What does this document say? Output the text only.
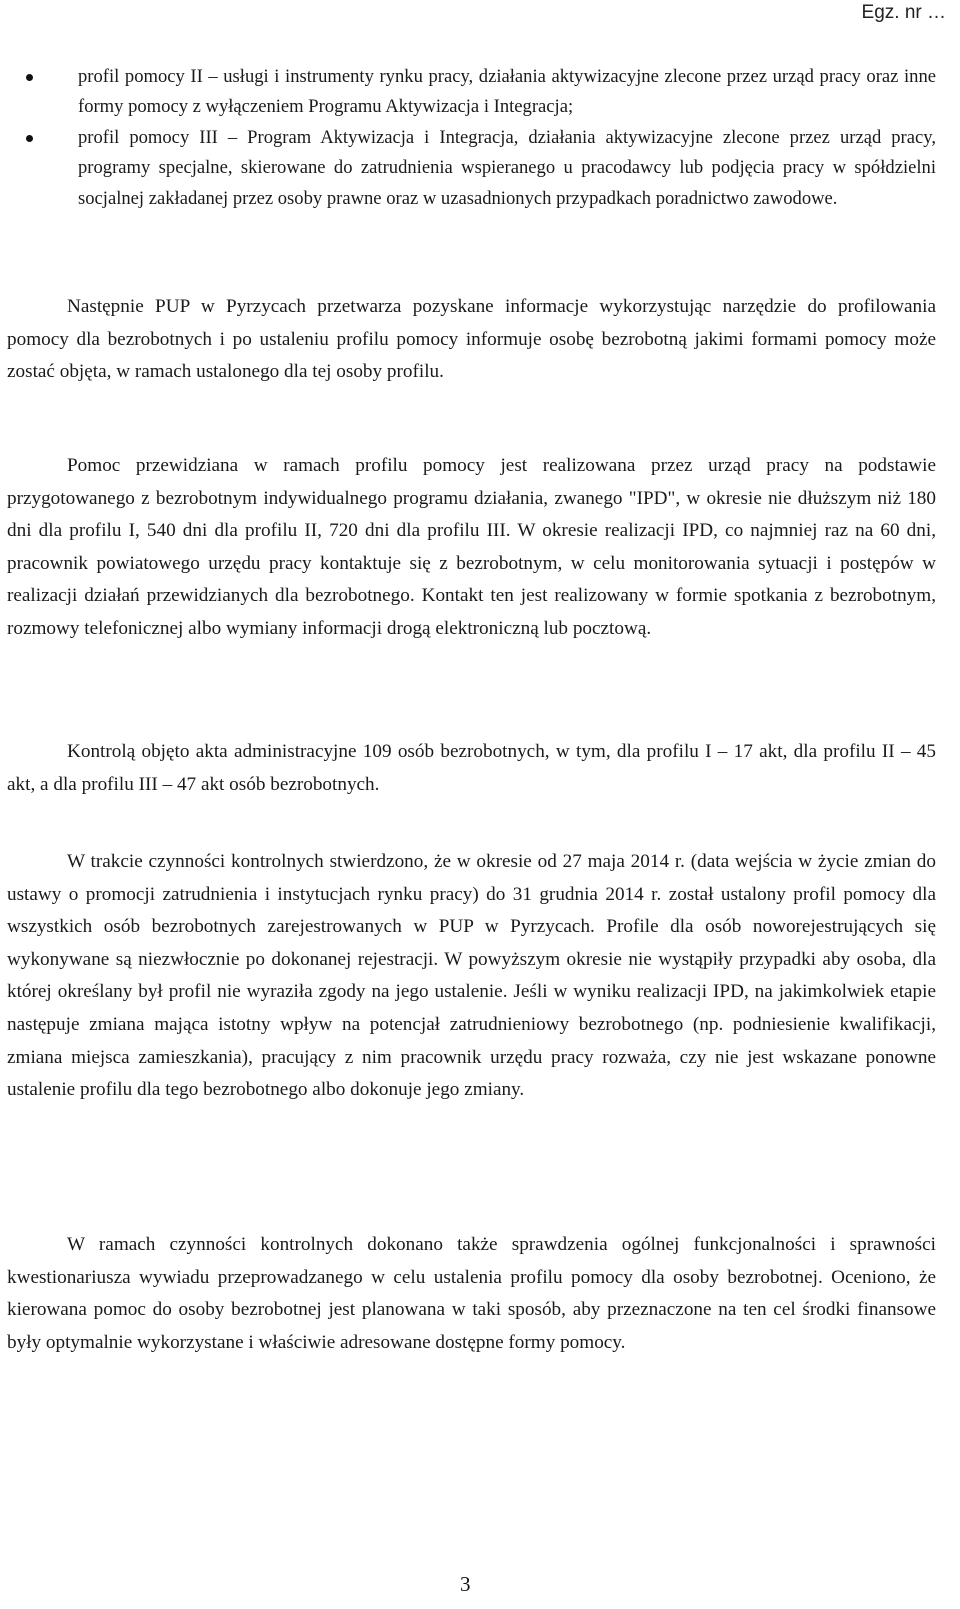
Egz. nr …
profil pomocy II – usługi i instrumenty rynku pracy, działania aktywizacyjne zlecone przez urząd pracy oraz inne formy pomocy z wyłączeniem Programu Aktywizacja i Integracja;
profil pomocy III – Program Aktywizacja i Integracja, działania aktywizacyjne zlecone przez urząd pracy, programy specjalne, skierowane do zatrudnienia wspieranego u pracodawcy lub podjęcia pracy w spółdzielni socjalnej zakładanej przez osoby prawne oraz w uzasadnionych przypadkach poradnictwo zawodowe.

Następnie PUP w Pyrzycach przetwarza pozyskane informacje wykorzystując narzędzie do profilowania pomocy dla bezrobotnych i po ustaleniu profilu pomocy informuje osobę bezrobotną jakimi formami pomocy może zostać objęta, w ramach ustalonego dla tej osoby profilu.

Pomoc przewidziana w ramach profilu pomocy jest realizowana przez urząd pracy na podstawie przygotowanego z bezrobotnym indywidualnego programu działania, zwanego "IPD", w okresie nie dłuższym niż 180 dni dla profilu I, 540 dni dla profilu II, 720 dni dla profilu III. W okresie realizacji IPD, co najmniej raz na 60 dni, pracownik powiatowego urzędu pracy kontaktuje się z bezrobotnym, w celu monitorowania sytuacji i postępów w realizacji działań przewidzianych dla bezrobotnego. Kontakt ten jest realizowany w formie spotkania z bezrobotnym, rozmowy telefonicznej albo wymiany informacji drogą elektroniczną lub pocztową.

Kontrolą objęto akta administracyjne 109 osób bezrobotnych, w tym, dla profilu I – 17 akt, dla profilu II – 45 akt, a dla profilu III – 47 akt osób bezrobotnych.

W trakcie czynności kontrolnych stwierdzono, że w okresie od 27 maja 2014 r. (data wejścia w życie zmian do ustawy o promocji zatrudnienia i instytucjach rynku pracy) do 31 grudnia 2014 r. został ustalony profil pomocy dla wszystkich osób bezrobotnych zarejestrowanych w PUP w Pyrzycach. Profile dla osób noworejestrujących się wykonywane są niezwłocznie po dokonanej rejestracji. W powyższym okresie nie wystąpiły przypadki aby osoba, dla której określany był profil nie wyraziła zgody na jego ustalenie. Jeśli w wyniku realizacji IPD, na jakimkolwiek etapie następuje zmiana mająca istotny wpływ na potencjał zatrudnieniowy bezrobotnego (np. podniesienie kwalifikacji, zmiana miejsca zamieszkania), pracujący z nim pracownik urzędu pracy rozważa, czy nie jest wskazane ponowne ustalenie profilu dla tego bezrobotnego albo dokonuje jego zmiany.

W ramach czynności kontrolnych dokonano także sprawdzenia ogólnej funkcjonalności i sprawności kwestionariusza wywiadu przeprowadzanego w celu ustalenia profilu pomocy dla osoby bezrobotnej. Oceniono, że kierowana pomoc do osoby bezrobotnej jest planowana w taki sposób, aby przeznaczone na ten cel środki finansowe były optymalnie wykorzystane i właściwie adresowane dostępne formy pomocy.

3
